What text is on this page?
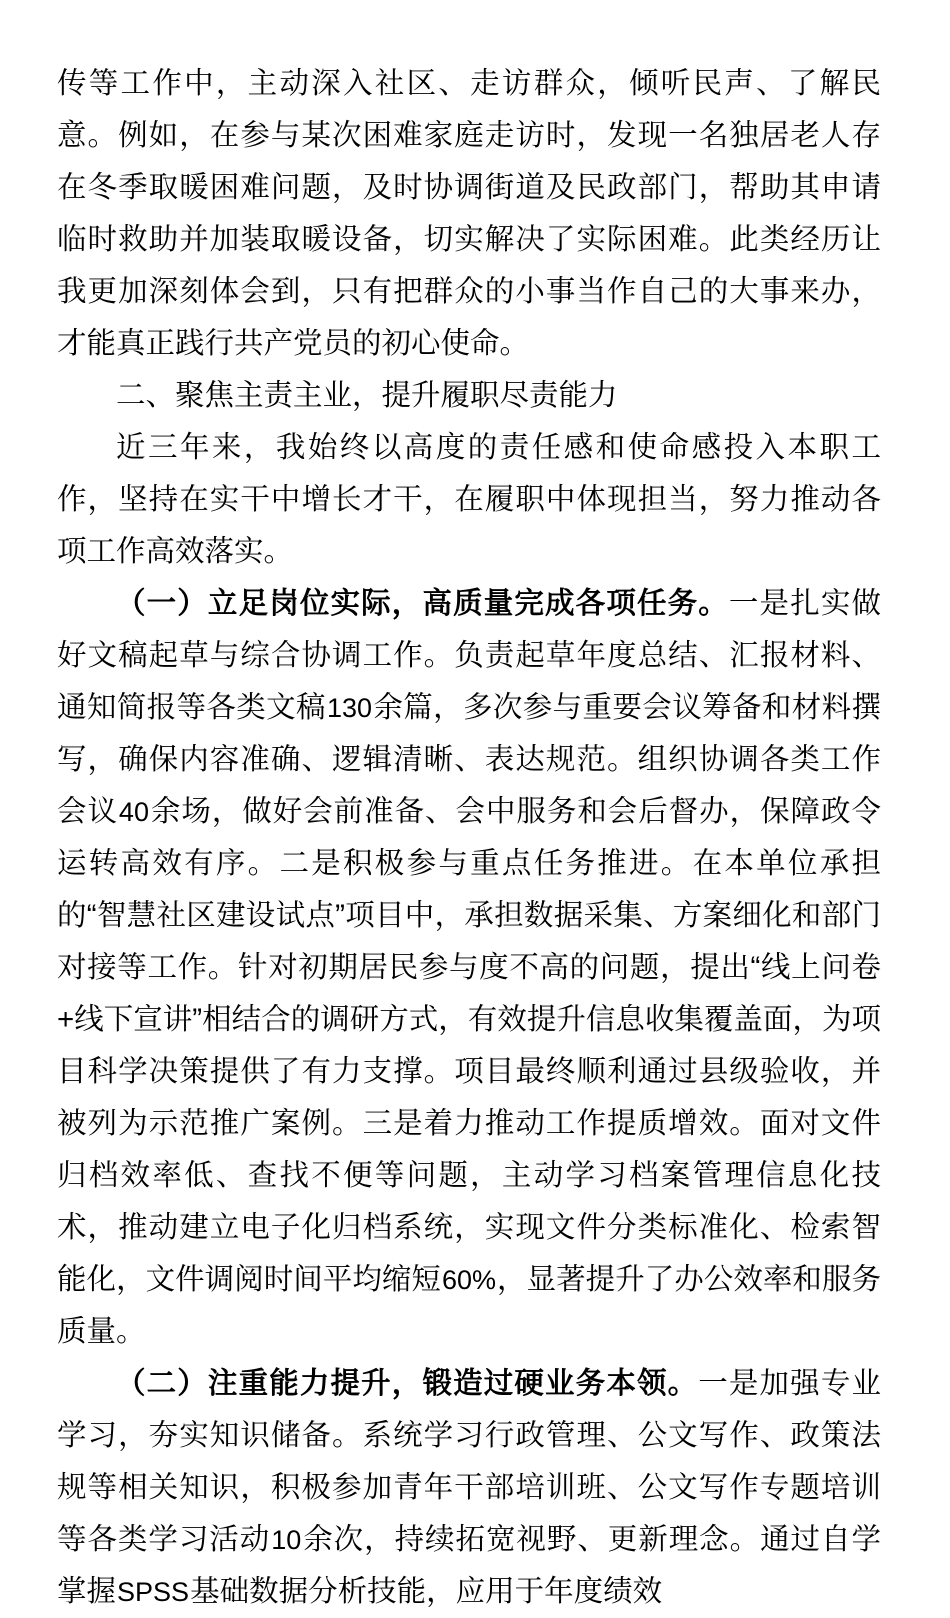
传等工作中，主动深入社区、走访群众，倾听民声、了解民意。例如，在参与某次困难家庭走访时，发现一名独居老人存在冬季取暖困难问题，及时协调街道及民政部门，帮助其申请临时救助并加装取暖设备，切实解决了实际困难。此类经历让我更加深刻体会到，只有把群众的小事当作自己的大事来办，才能真正践行共产党员的初心使命。

二、聚焦主责主业，提升履职尽责能力

近三年来，我始终以高度的责任感和使命感投入本职工作，坚持在实干中增长才干，在履职中体现担当，努力推动各项工作高效落实。

（一）立足岗位实际，高质量完成各项任务。一是扎实做好文稿起草与综合协调工作。负责起草年度总结、汇报材料、通知简报等各类文稿130余篇，多次参与重要会议筹备和材料撰写，确保内容准确、逻辑清晰、表达规范。组织协调各类工作会议40余场，做好会前准备、会中服务和会后督办，保障政令运转高效有序。二是积极参与重点任务推进。在本单位承担的“智慧社区建设试点”项目中，承担数据采集、方案细化和部门对接等工作。针对初期居民参与度不高的问题，提出“线上问卷+线下宣讲”相结合的调研方式，有效提升信息收集覆盖面，为项目科学决策提供了有力支撑。项目最终顺利通过县级验收，并被列为示范推广案例。三是着力推动工作提质增效。面对文件归档效率低、查找不便等问题，主动学习档案管理信息化技术，推动建立电子化归档系统，实现文件分类标准化、检索智能化，文件调阅时间平均缩短60%，显著提升了办公效率和服务质量。

（二）注重能力提升，锻造过硬业务本领。一是加强专业学习，夯实知识储备。系统学习行政管理、公文写作、政策法规等相关知识，积极参加青年干部培训班、公文写作专题培训等各类学习活动10余次，持续拓宽视野、更新理念。通过自学掌握SPSS基础数据分析技能，应用于年度绩效
